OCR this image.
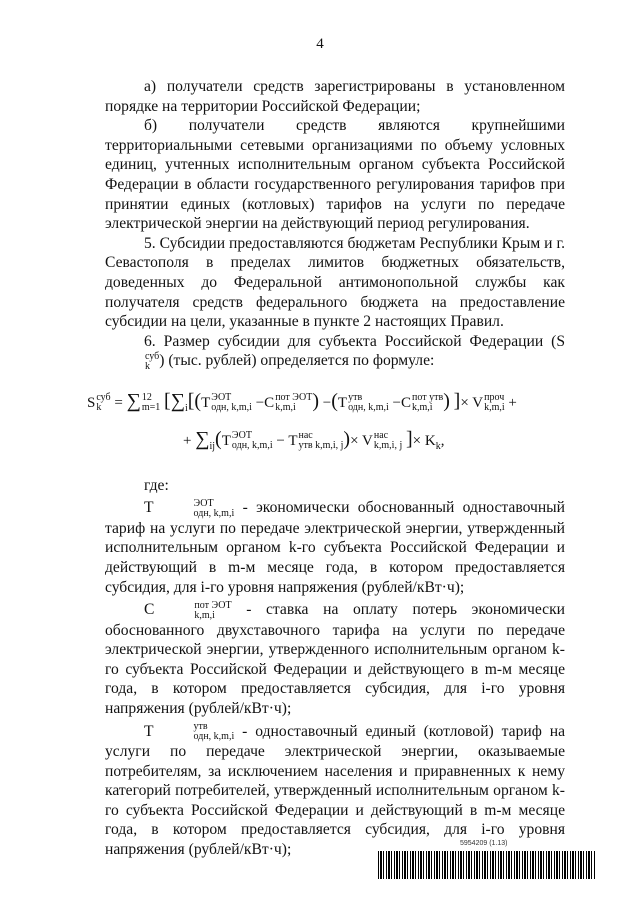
4

а) получатели средств зарегистрированы в установленном порядке на территории Российской Федерации;

б) получатели средств являются крупнейшими территориальными сетевыми организациями по объему условных единиц, учтенных исполнительным органом субъекта Российской Федерации в области государственного регулирования тарифов при принятии единых (котловых) тарифов на услуги по передаче электрической энергии на действующий период регулирования.

5. Субсидии предоставляются бюджетам Республики Крым и г. Севастополя в пределах лимитов бюджетных обязательств, доведенных до Федеральной антимонопольной службы как получателя средств федерального бюджета на предоставление субсидии на цели, указанные в пункте 2 настоящих Правил.

6. Размер субсидии для субъекта Российской Федерации (S
суб
k ) (тыс. рублей) определяется по формуле:

S суб
k = ∑ 12
m=1 [$\sum_i[(T$ ЭОТ
одн, k,m,i −C пот ЭОТ
k,m,i ) −(T утв
одн, k,m,i −C пот утв
k,m,i ) ]× V проч
k,m,i +
+ $\sum_{ij}(T$ ЭОТ
одн, k,m,i − T нас
утв k,m,i, j )× V нас
k,m,i, j ]× $K_k$,

где:

T	ЭОТ
одн, k,m,i - экономически обоснованный одноставочный тариф на услуги по передаче электрической энергии, утвержденный исполнительным органом k-го субъекта Российской Федерации и действующий в m-м месяце года, в котором предоставляется субсидия, для i-го уровня напряжения (рублей/кВт·ч);

C	пот ЭОТ
k,m,i	- ставка на оплату потерь экономически обоснованного двухставочного тарифа на услуги по передаче электрической энергии, утвержденного исполнительным органом k-го субъекта Российской Федерации и действующего в m-м месяце года, в котором предоставляется субсидия, для i-го уровня напряжения (рублей/кВт·ч);

T	утв
одн, k,m,i - одноставочный единый (котловой) тариф на услуги по передаче электрической энергии, оказываемые потребителям, за исключением населения и приравненных к нему категорий потребителей, утвержденный исполнительным органом k-го субъекта Российской Федерации и действующий в m-м месяце года, в котором предоставляется субсидия, для i-го уровня напряжения (рублей/кВт·ч);	5954209 (1.13)
